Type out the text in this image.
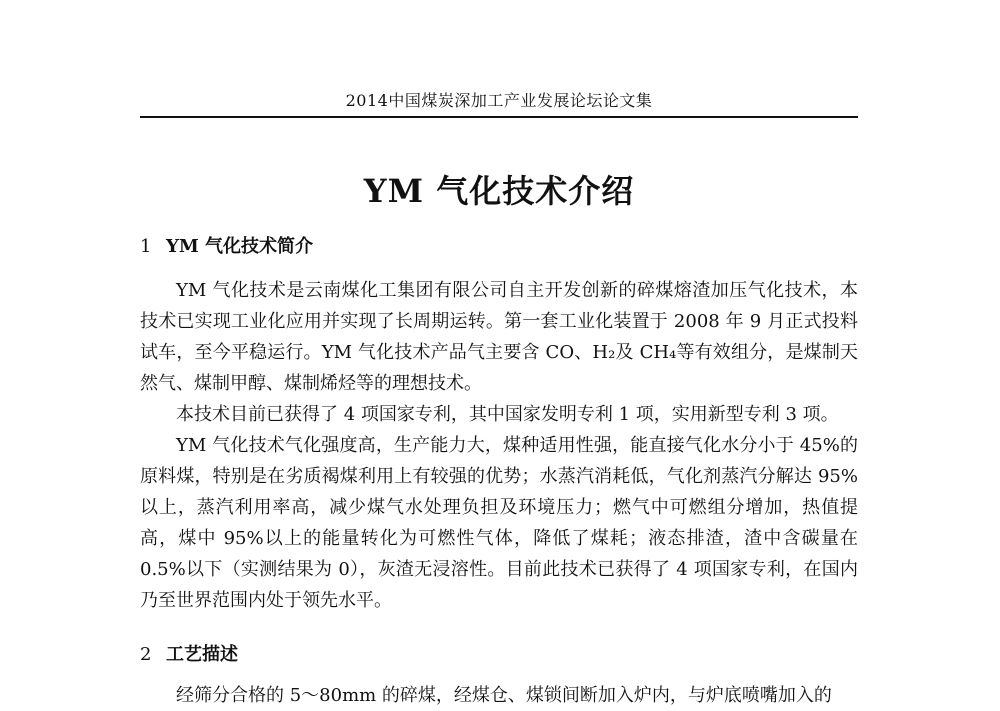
2014中国煤炭深加工产业发展论坛论文集
YM 气化技术介绍
1 YM 气化技术简介
YM 气化技术是云南煤化工集团有限公司自主开发创新的碎煤熔渣加压气化技术，本技术已实现工业化应用并实现了长周期运转。第一套工业化装置于 2008 年 9 月正式投料试车，至今平稳运行。YM 气化技术产品气主要含 CO、H₂及 CH₄等有效组分，是煤制天然气、煤制甲醇、煤制烯烃等的理想技术。
本技术目前已获得了 4 项国家专利，其中国家发明专利 1 项，实用新型专利 3 项。
YM 气化技术气化强度高，生产能力大，煤种适用性强，能直接气化水分小于 45%的原料煤，特别是在劣质褐煤利用上有较强的优势；水蒸汽消耗低，气化剂蒸汽分解达 95%以上，蒸汽利用率高，减少煤气水处理负担及环境压力；燃气中可燃组分增加，热值提高，煤中 95%以上的能量转化为可燃性气体，降低了煤耗；液态排渣，渣中含碳量在 0.5%以下（实测结果为 0），灰渣无浸溶性。目前此技术已获得了 4 项国家专利，在国内乃至世界范围内处于领先水平。
2 工艺描述
经筛分合格的 5～80mm 的碎煤，经煤仓、煤锁间断加入炉内，与炉底喷嘴加入的
